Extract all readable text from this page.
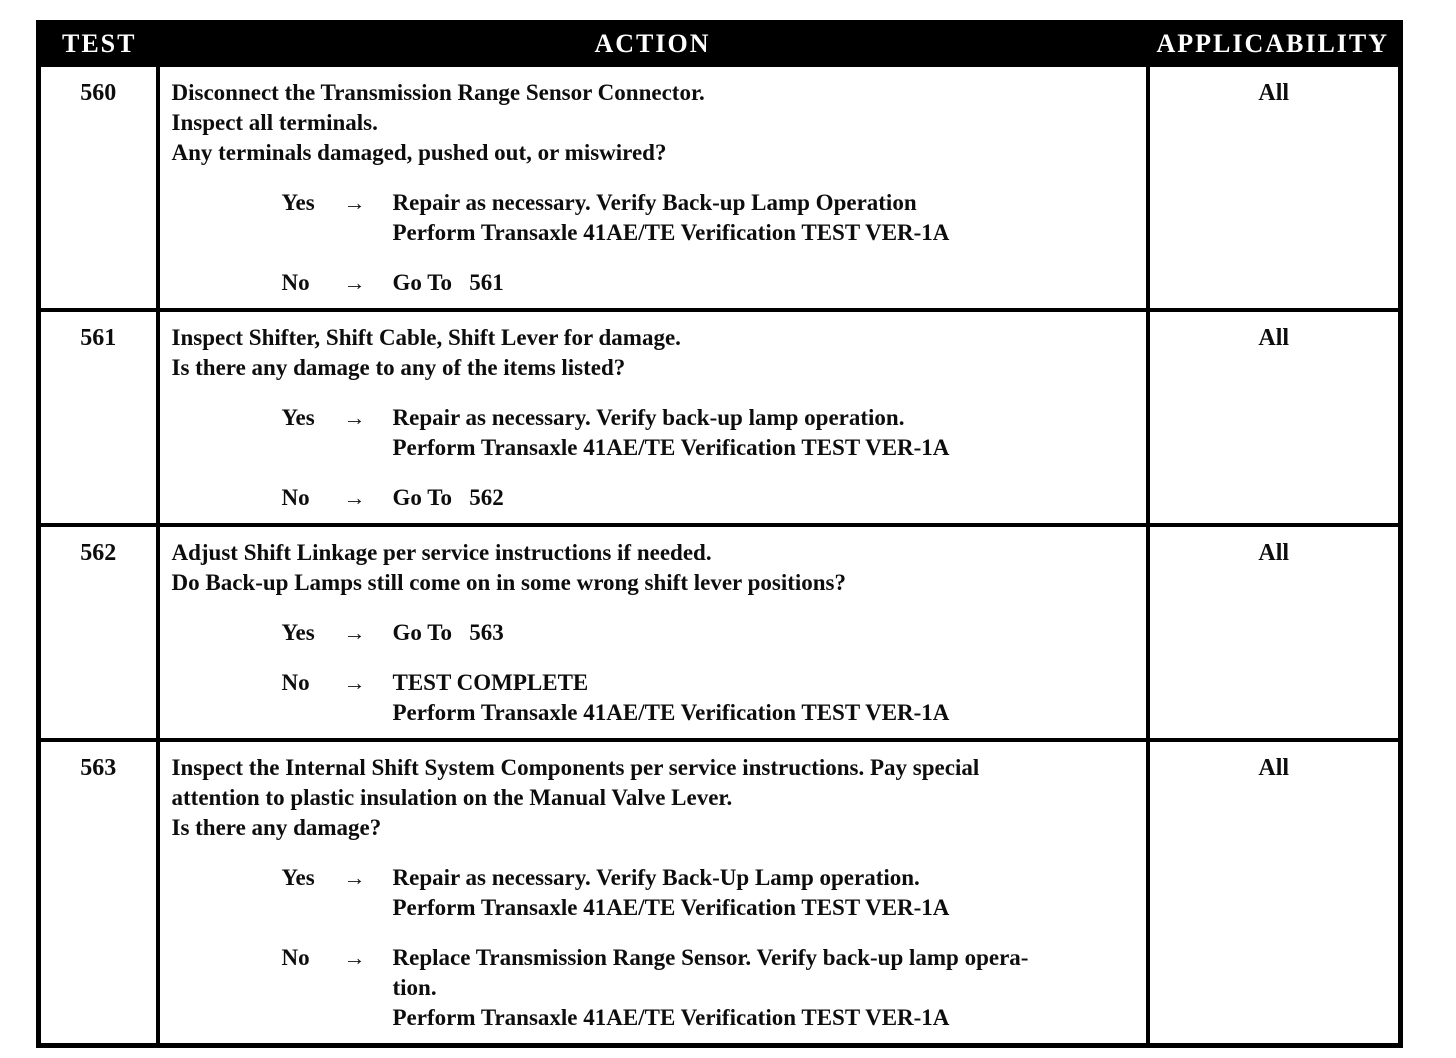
TEST	ACTION	APPLICABILITY
560	Disconnect the Transmission Range Sensor Connector.
Inspect all terminals.
Any terminals damaged, pushed out, or miswired?
Yes	→	Repair as necessary. Verify Back-up Lamp Operation
Perform Transaxle 41AE/TE Verification TEST VER-1A
No	→	Go To   561
	All
561	Inspect Shifter, Shift Cable, Shift Lever for damage.
Is there any damage to any of the items listed?
Yes	→	Repair as necessary. Verify back-up lamp operation.
Perform Transaxle 41AE/TE Verification TEST VER-1A
No	→	Go To   562
	All
562	Adjust Shift Linkage per service instructions if needed.
Do Back-up Lamps still come on in some wrong shift lever positions?
Yes	→	Go To   563
No	→	TEST COMPLETE
Perform Transaxle 41AE/TE Verification TEST VER-1A
	All
563	Inspect the Internal Shift System Components per service instructions. Pay special
attention to plastic insulation on the Manual Valve Lever.
Is there any damage?
Yes	→	Repair as necessary. Verify Back-Up Lamp operation.
Perform Transaxle 41AE/TE Verification TEST VER-1A
No	→	Replace Transmission Range Sensor. Verify back-up lamp opera-
tion.
Perform Transaxle 41AE/TE Verification TEST VER-1A
	All
